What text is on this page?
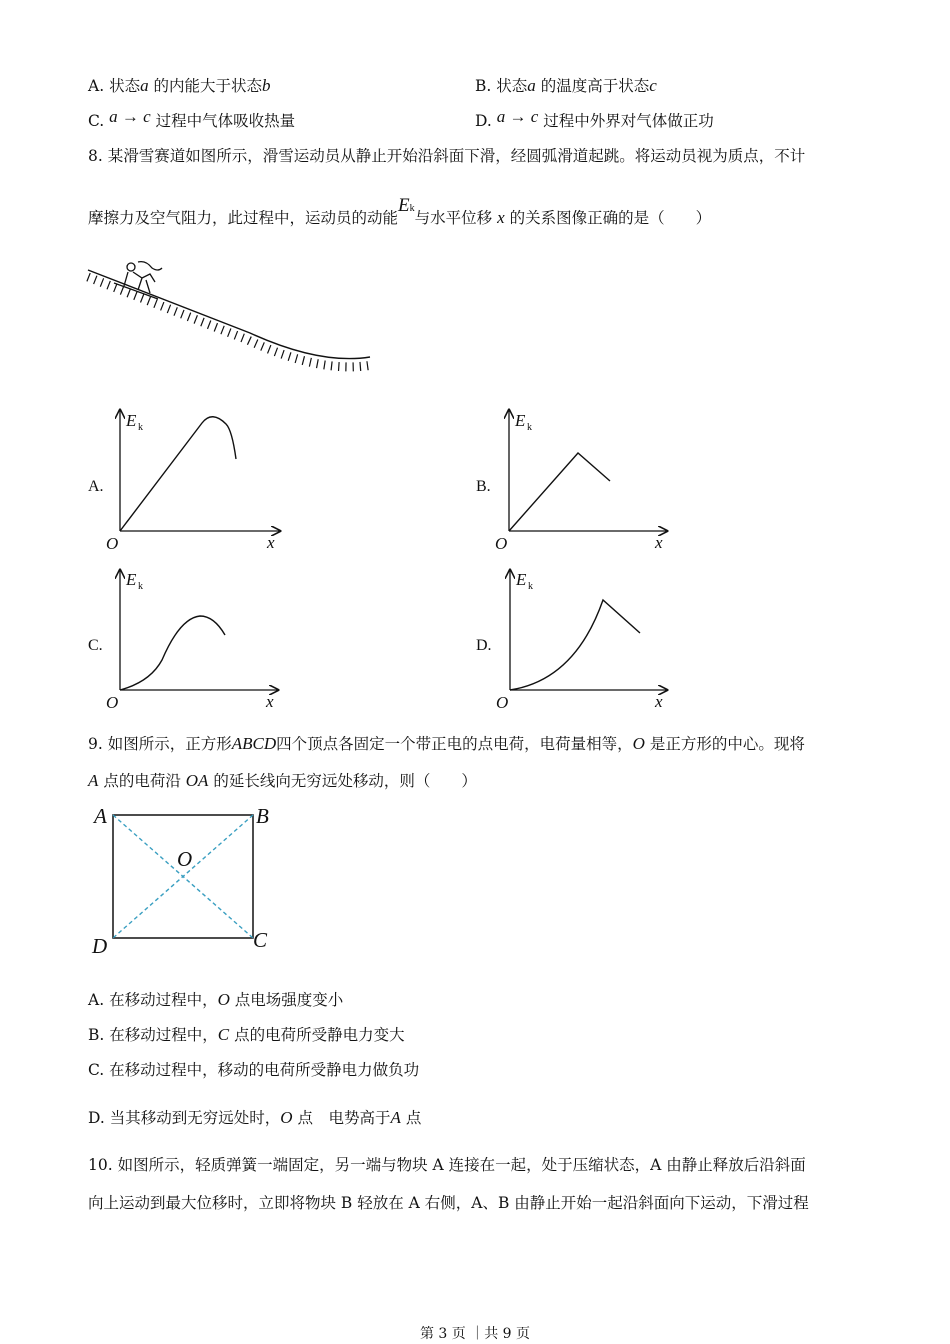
A. 状态a 的内能大于状态b	B. 状态a 的温度高于状态c
C. a → c 过程中气体吸收热量	D. a → c 过程中外界对气体做正功
8. 某滑雪赛道如图所示，滑雪运动员从静止开始沿斜面下滑，经圆弧滑道起跳。将运动员视为质点，不计
摩擦力及空气阻力，此过程中，运动员的动能Ek与水平位移 x 的关系图像正确的是（　　）
E k
x
O
E k
x
O
E k
x
O
E k
x
O
A.	B.
C.	D.
9. 如图所示，正方形ABCD四个顶点各固定一个带正电的点电荷，电荷量相等，O 是正方形的中心。现将
A 点的电荷沿 OA 的延长线向无穷远处移动，则（　　）
A	B
C
D
O
A. 在移动过程中，O 点电场强度变小
B. 在移动过程中，C 点的电荷所受静电力变大
C. 在移动过程中，移动的电荷所受静电力做负功
D. 当其移动到无穷远处时，O 点　电势高于A 点
10. 如图所示，轻质弹簧一端固定，另一端与物块 A 连接在一起，处于压缩状态，A 由静止释放后沿斜面
向上运动到最大位移时，立即将物块 B 轻放在 A 右侧，A、B 由静止开始一起沿斜面向下运动，下滑过程
第 3 页 ｜共 9 页
